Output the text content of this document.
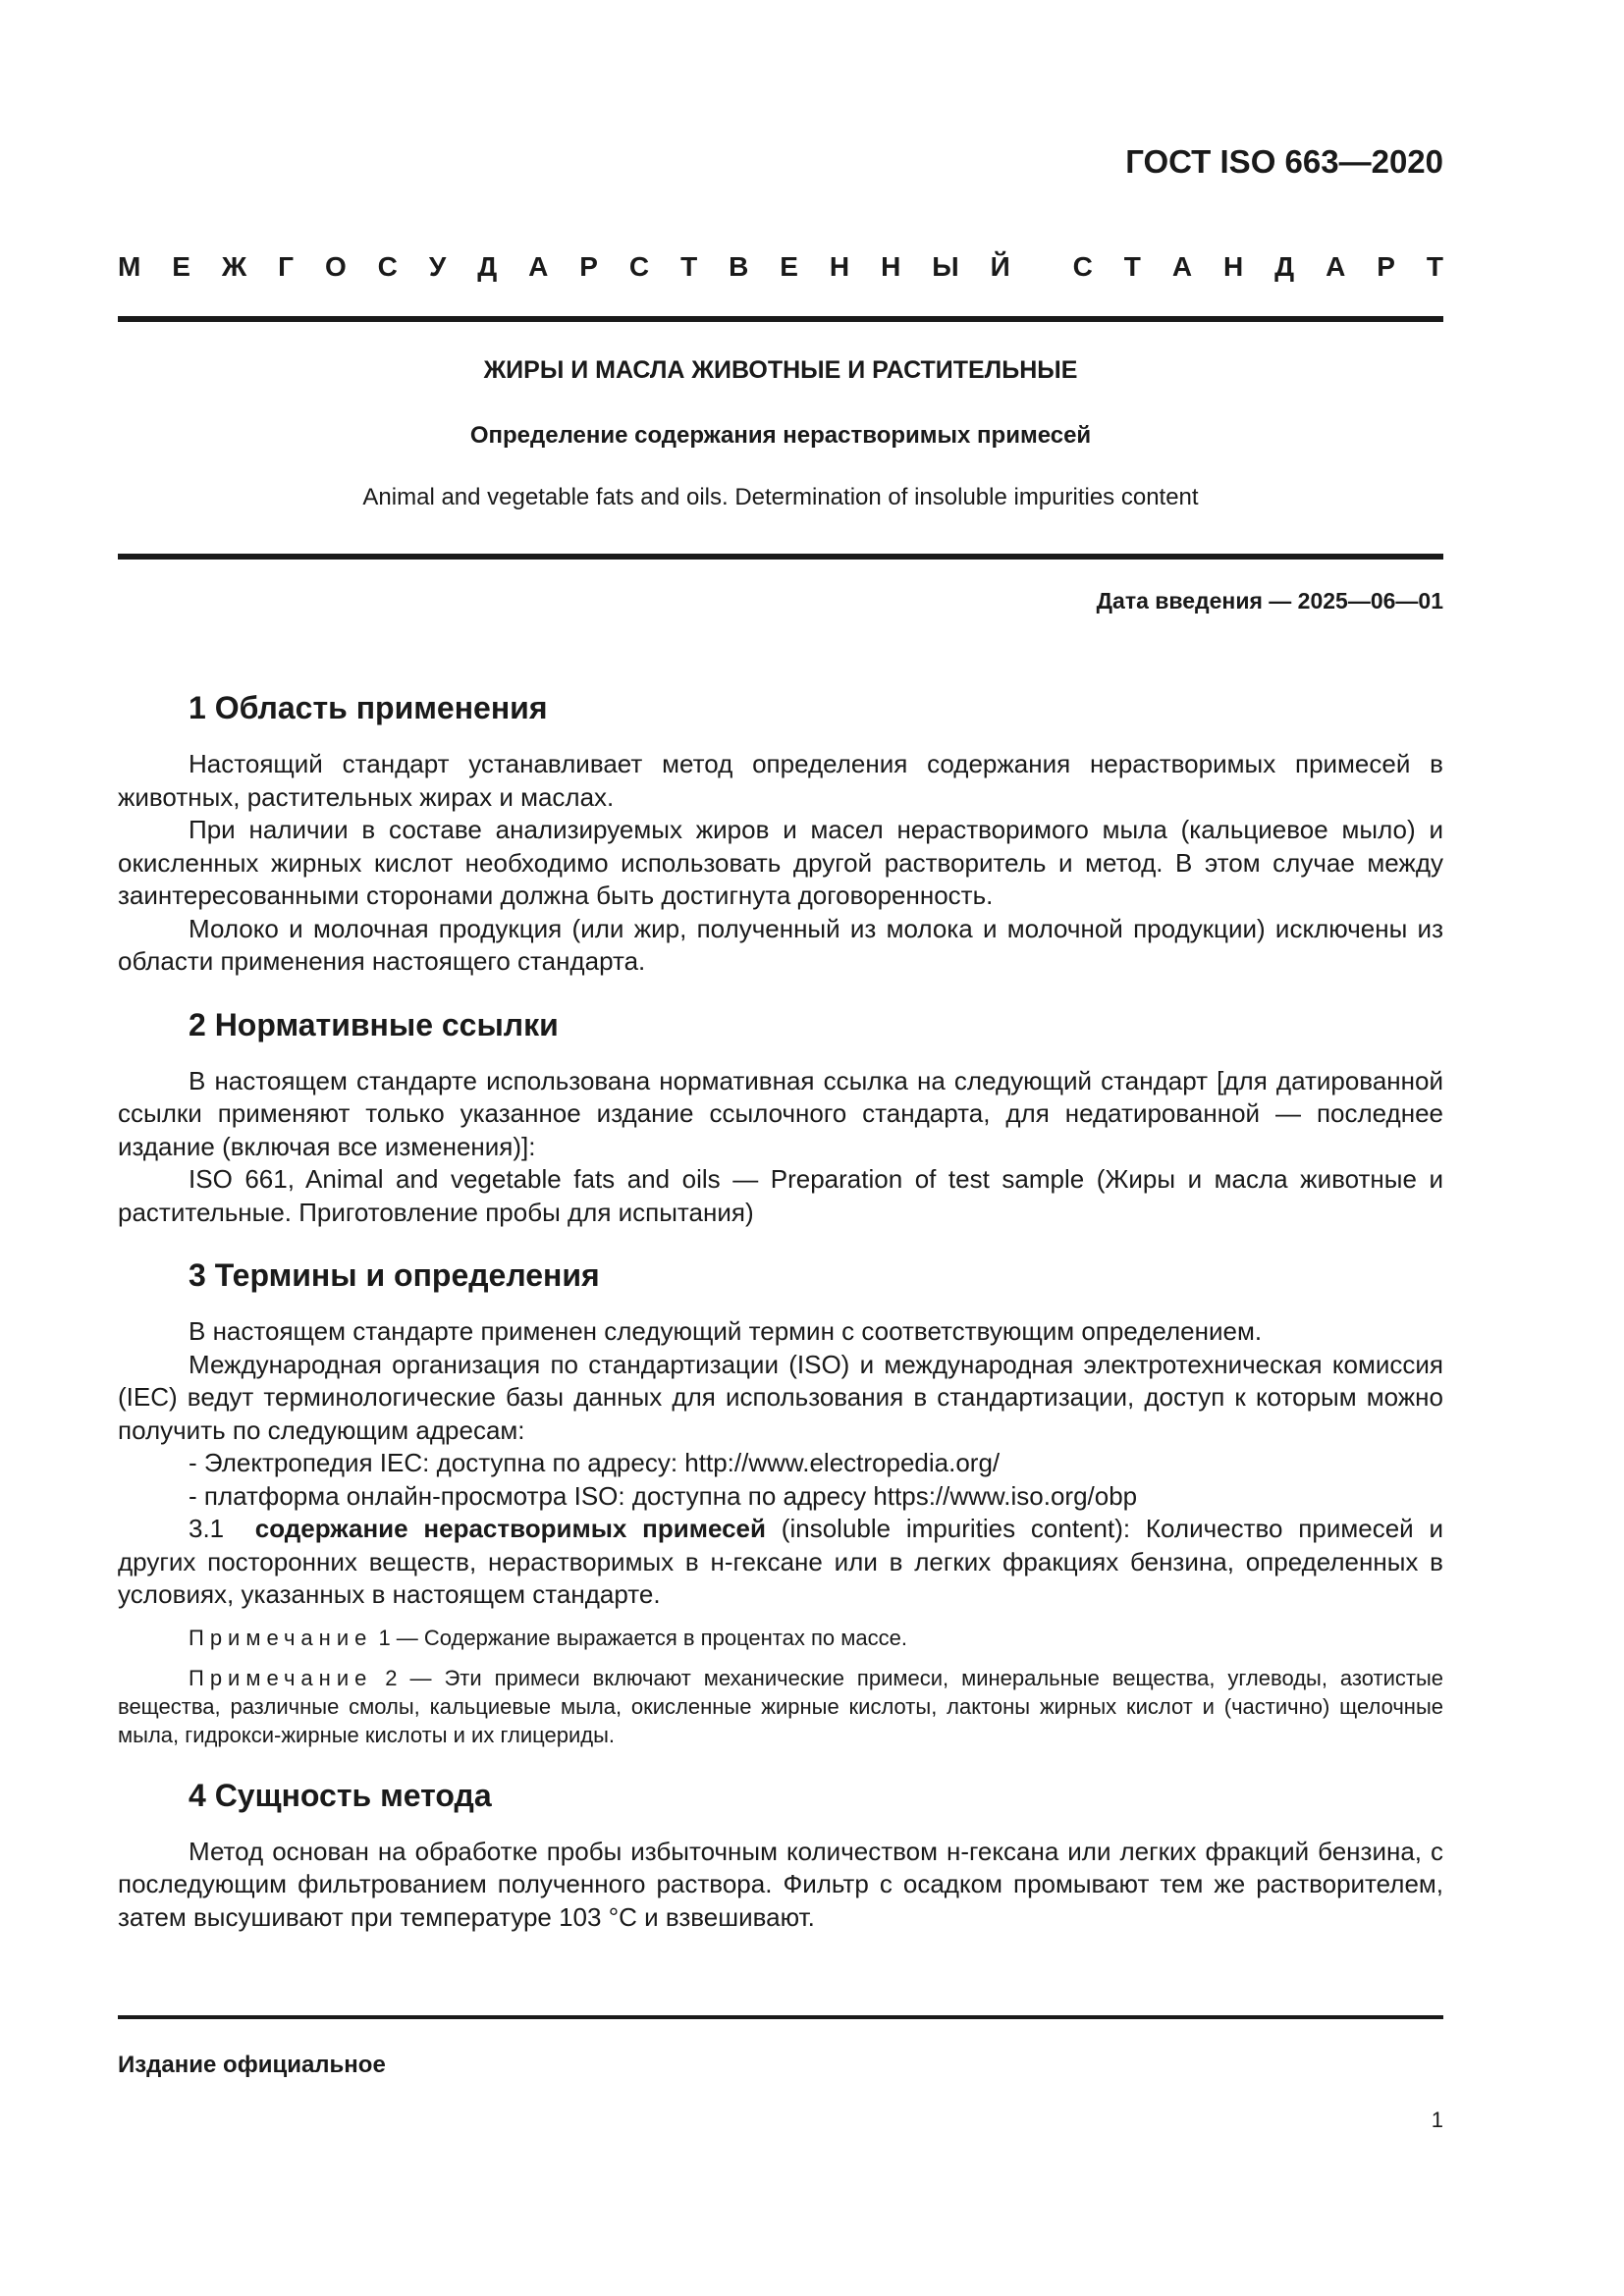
ГОСТ ISO 663—2020
М Е Ж Г О С У Д А Р С Т В Е Н Н Ы Й С Т А Н Д А Р Т
ЖИРЫ И МАСЛА ЖИВОТНЫЕ И РАСТИТЕЛЬНЫЕ
Определение содержания нерастворимых примесей
Animal and vegetable fats and oils. Determination of insoluble impurities content
Дата введения — 2025—06—01
1 Область применения

Настоящий стандарт устанавливает метод определения содержания нерастворимых примесей в животных, растительных жирах и маслах.

При наличии в составе анализируемых жиров и масел нерастворимого мыла (кальциевое мыло) и окисленных жирных кислот необходимо использовать другой растворитель и метод. В этом случае между заинтересованными сторонами должна быть достигнута договоренность.

Молоко и молочная продукция (или жир, полученный из молока и молочной продукции) исключены из области применения настоящего стандарта.

2 Нормативные ссылки

В настоящем стандарте использована нормативная ссылка на следующий стандарт [для датированной ссылки применяют только указанное издание ссылочного стандарта, для недатированной — последнее издание (включая все изменения)]:

ISO 661, Animal and vegetable fats and oils — Preparation of test sample (Жиры и масла животные и растительные. Приготовление пробы для испытания)

3 Термины и определения

В настоящем стандарте применен следующий термин с соответствующим определением.

Международная организация по стандартизации (ISO) и международная электротехническая комиссия (IEC) ведут терминологические базы данных для использования в стандартизации, доступ к которым можно получить по следующим адресам:

- Электропедия IEC: доступна по адресу: http://www.electropedia.org/

- платформа онлайн-просмотра ISO: доступна по адресу https://www.iso.org/obp

3.1 содержание нерастворимых примесей (insoluble impurities content): Количество примесей и других посторонних веществ, нерастворимых в н-гексане или в легких фракциях бензина, определенных в условиях, указанных в настоящем стандарте.

Примечание 1 — Содержание выражается в процентах по массе.

Примечание 2 — Эти примеси включают механические примеси, минеральные вещества, углеводы, азотистые вещества, различные смолы, кальциевые мыла, окисленные жирные кислоты, лактоны жирных кислот и (частично) щелочные мыла, гидрокси-жирные кислоты и их глицериды.

4 Сущность метода

Метод основан на обработке пробы избыточным количеством н-гексана или легких фракций бензина, с последующим фильтрованием полученного раствора. Фильтр с осадком промывают тем же растворителем, затем высушивают при температуре 103 °С и взвешивают.

Издание официальное
1
